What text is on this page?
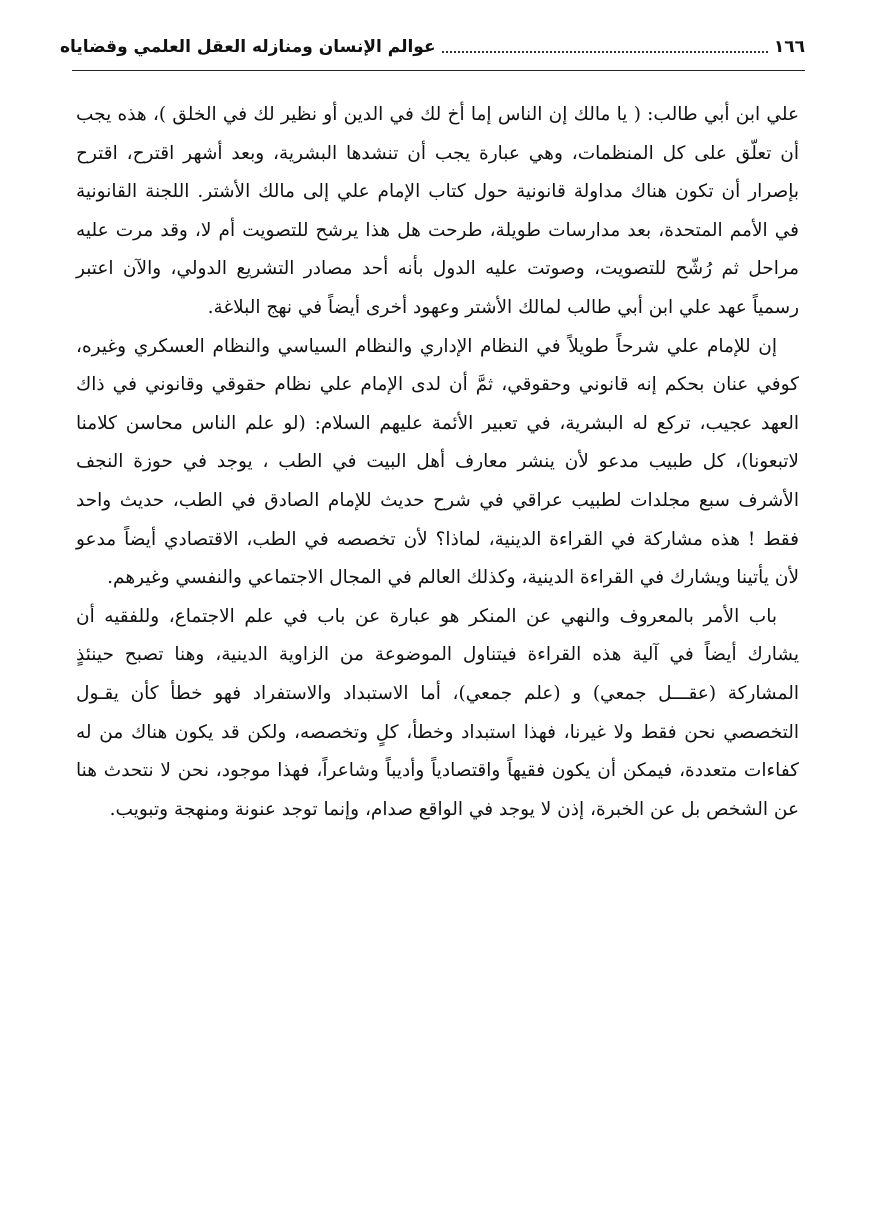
١٦٦
عوالم الإنسان ومنازله العقل العلمي وقضاياه

علي ابن أبي طالب: ( يا مالك إن الناس إما أخ لك في الدين أو نظير لك في الخلق )، هذه يجب أن تعلّق على كل المنظمات، وهي عبارة يجب أن تنشدها البشرية، وبعد أشهر اقترح، اقترح بإصرار أن تكون هناك مداولة قانونية حول كتاب الإمام علي إلى مالك الأشتر. اللجنة القانونية في الأمم المتحدة، بعد مدارسات طويلة، طرحت هل هذا يرشح للتصويت أم لا، وقد مرت عليه مراحل ثم رُشّح للتصويت، وصوتت عليه الدول بأنه أحد مصادر التشريع الدولي، والآن اعتبر رسمياً عهد علي ابن أبي طالب لمالك الأشتر وعهود أخرى أيضاً في نهج البلاغة.

إن للإمام علي شرحاً طويلاً في النظام الإداري والنظام السياسي والنظام العسكري وغيره، كوفي عنان بحكم إنه قانوني وحقوقي، ثمَّ أن لدى الإمام علي نظام حقوقي وقانوني في ذاك العهد عجيب، تركع له البشرية، في تعبير الأئمة عليهم السلام: (لو علم الناس محاسن كلامنا لاتبعونا)، كل طبيب مدعو لأن ينشر معارف أهل البيت في الطب ، يوجد في حوزة النجف الأشرف سبع مجلدات لطبيب عراقي في شرح حديث للإمام الصادق في الطب، حديث واحد فقط ! هذه مشاركة في القراءة الدينية، لماذا؟ لأن تخصصه في الطب، الاقتصادي أيضاً مدعو لأن يأتينا ويشارك في القراءة الدينية، وكذلك العالم في المجال الاجتماعي والنفسي وغيرهم.

باب الأمر بالمعروف والنهي عن المنكر هو عبارة عن باب في علم الاجتماع، وللفقيه أن يشارك أيضاً في آلية هذه القراءة فيتناول الموضوعة من الزاوية الدينية، وهنا تصبح حينئذٍ المشاركة (عقـــل جمعي) و (علم جمعي)، أما الاستبداد والاستفراد فهو خطأ كأن يقـول التخصصي نحن فقط ولا غيرنا، فهذا استبداد وخطأ، كلٍ وتخصصه، ولكن قد يكون هناك من له كفاءات متعددة، فيمكن أن يكون فقيهاً واقتصادياً وأديباً وشاعراً، فهذا موجود، نحن لا نتحدث هنا عن الشخص بل عن الخبرة، إذن لا يوجد في الواقع صدام، وإنما توجد عنونة ومنهجة وتبويب.
